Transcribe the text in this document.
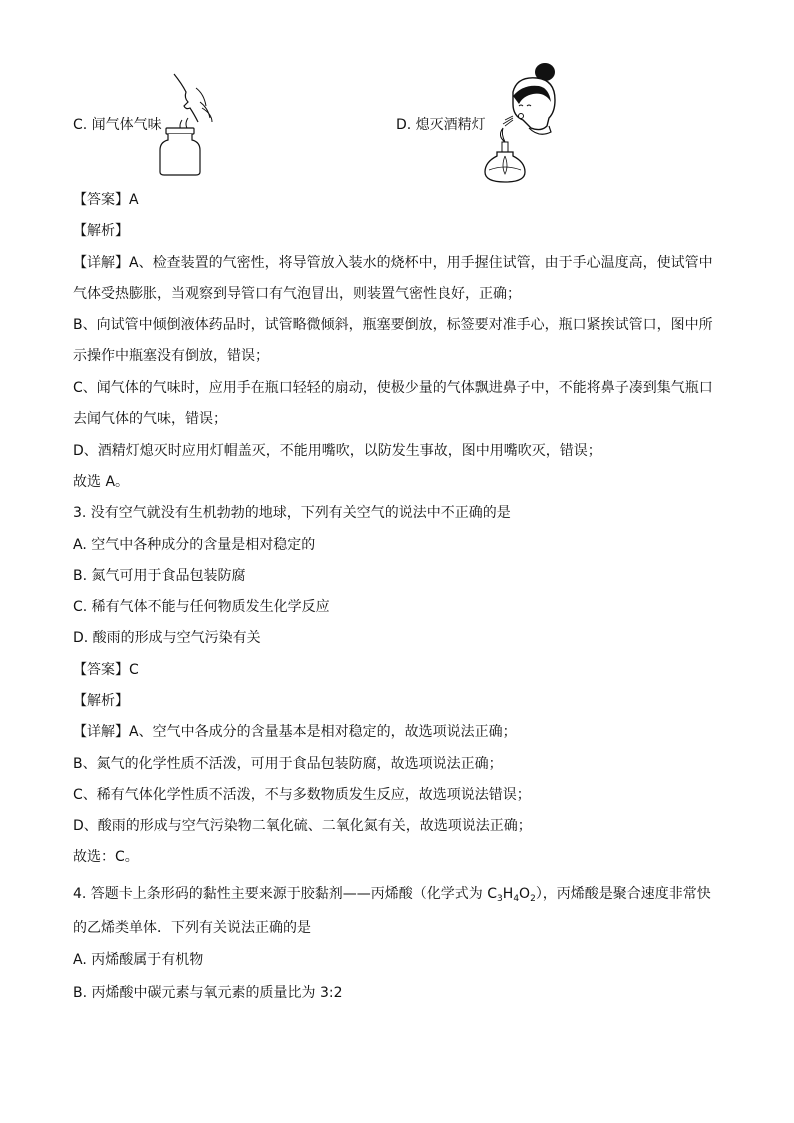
C. 闻气体气味	D. 熄灭酒精灯
【答案】A
【解析】
【详解】A、检查装置的气密性，将导管放入装水的烧杯中，用手握住试管，由于手心温度高，使试管中
气体受热膨胀，当观察到导管口有气泡冒出，则装置气密性良好，正确；
B、向试管中倾倒液体药品时，试管略微倾斜，瓶塞要倒放，标签要对准手心，瓶口紧挨试管口，图中所
示操作中瓶塞没有倒放，错误；
C、闻气体的气味时，应用手在瓶口轻轻的扇动，使极少量的气体飘进鼻子中，不能将鼻子凑到集气瓶口
去闻气体的气味，错误；
D、酒精灯熄灭时应用灯帽盖灭，不能用嘴吹，以防发生事故，图中用嘴吹灭，错误；
故选 A。
3. 没有空气就没有生机勃勃的地球，下列有关空气的说法中不正确的是
A. 空气中各种成分的含量是相对稳定的
B. 氮气可用于食品包装防腐
C. 稀有气体不能与任何物质发生化学反应
D. 酸雨的形成与空气污染有关
【答案】C
【解析】
【详解】A、空气中各成分的含量基本是相对稳定的，故选项说法正确；
B、氮气的化学性质不活泼，可用于食品包装防腐，故选项说法正确；
C、稀有气体化学性质不活泼，不与多数物质发生反应，故选项说法错误；
D、酸雨的形成与空气污染物二氧化硫、二氧化氮有关，故选项说法正确；
故选：C。
4. 答题卡上条形码的黏性主要来源于胶黏剂——丙烯酸（化学式为 $C_3H_4O_2$），丙烯酸是聚合速度非常快
的乙烯类单体．下列有关说法正确的是
A. 丙烯酸属于有机物
B. 丙烯酸中碳元素与氧元素的质量比为 3:2
